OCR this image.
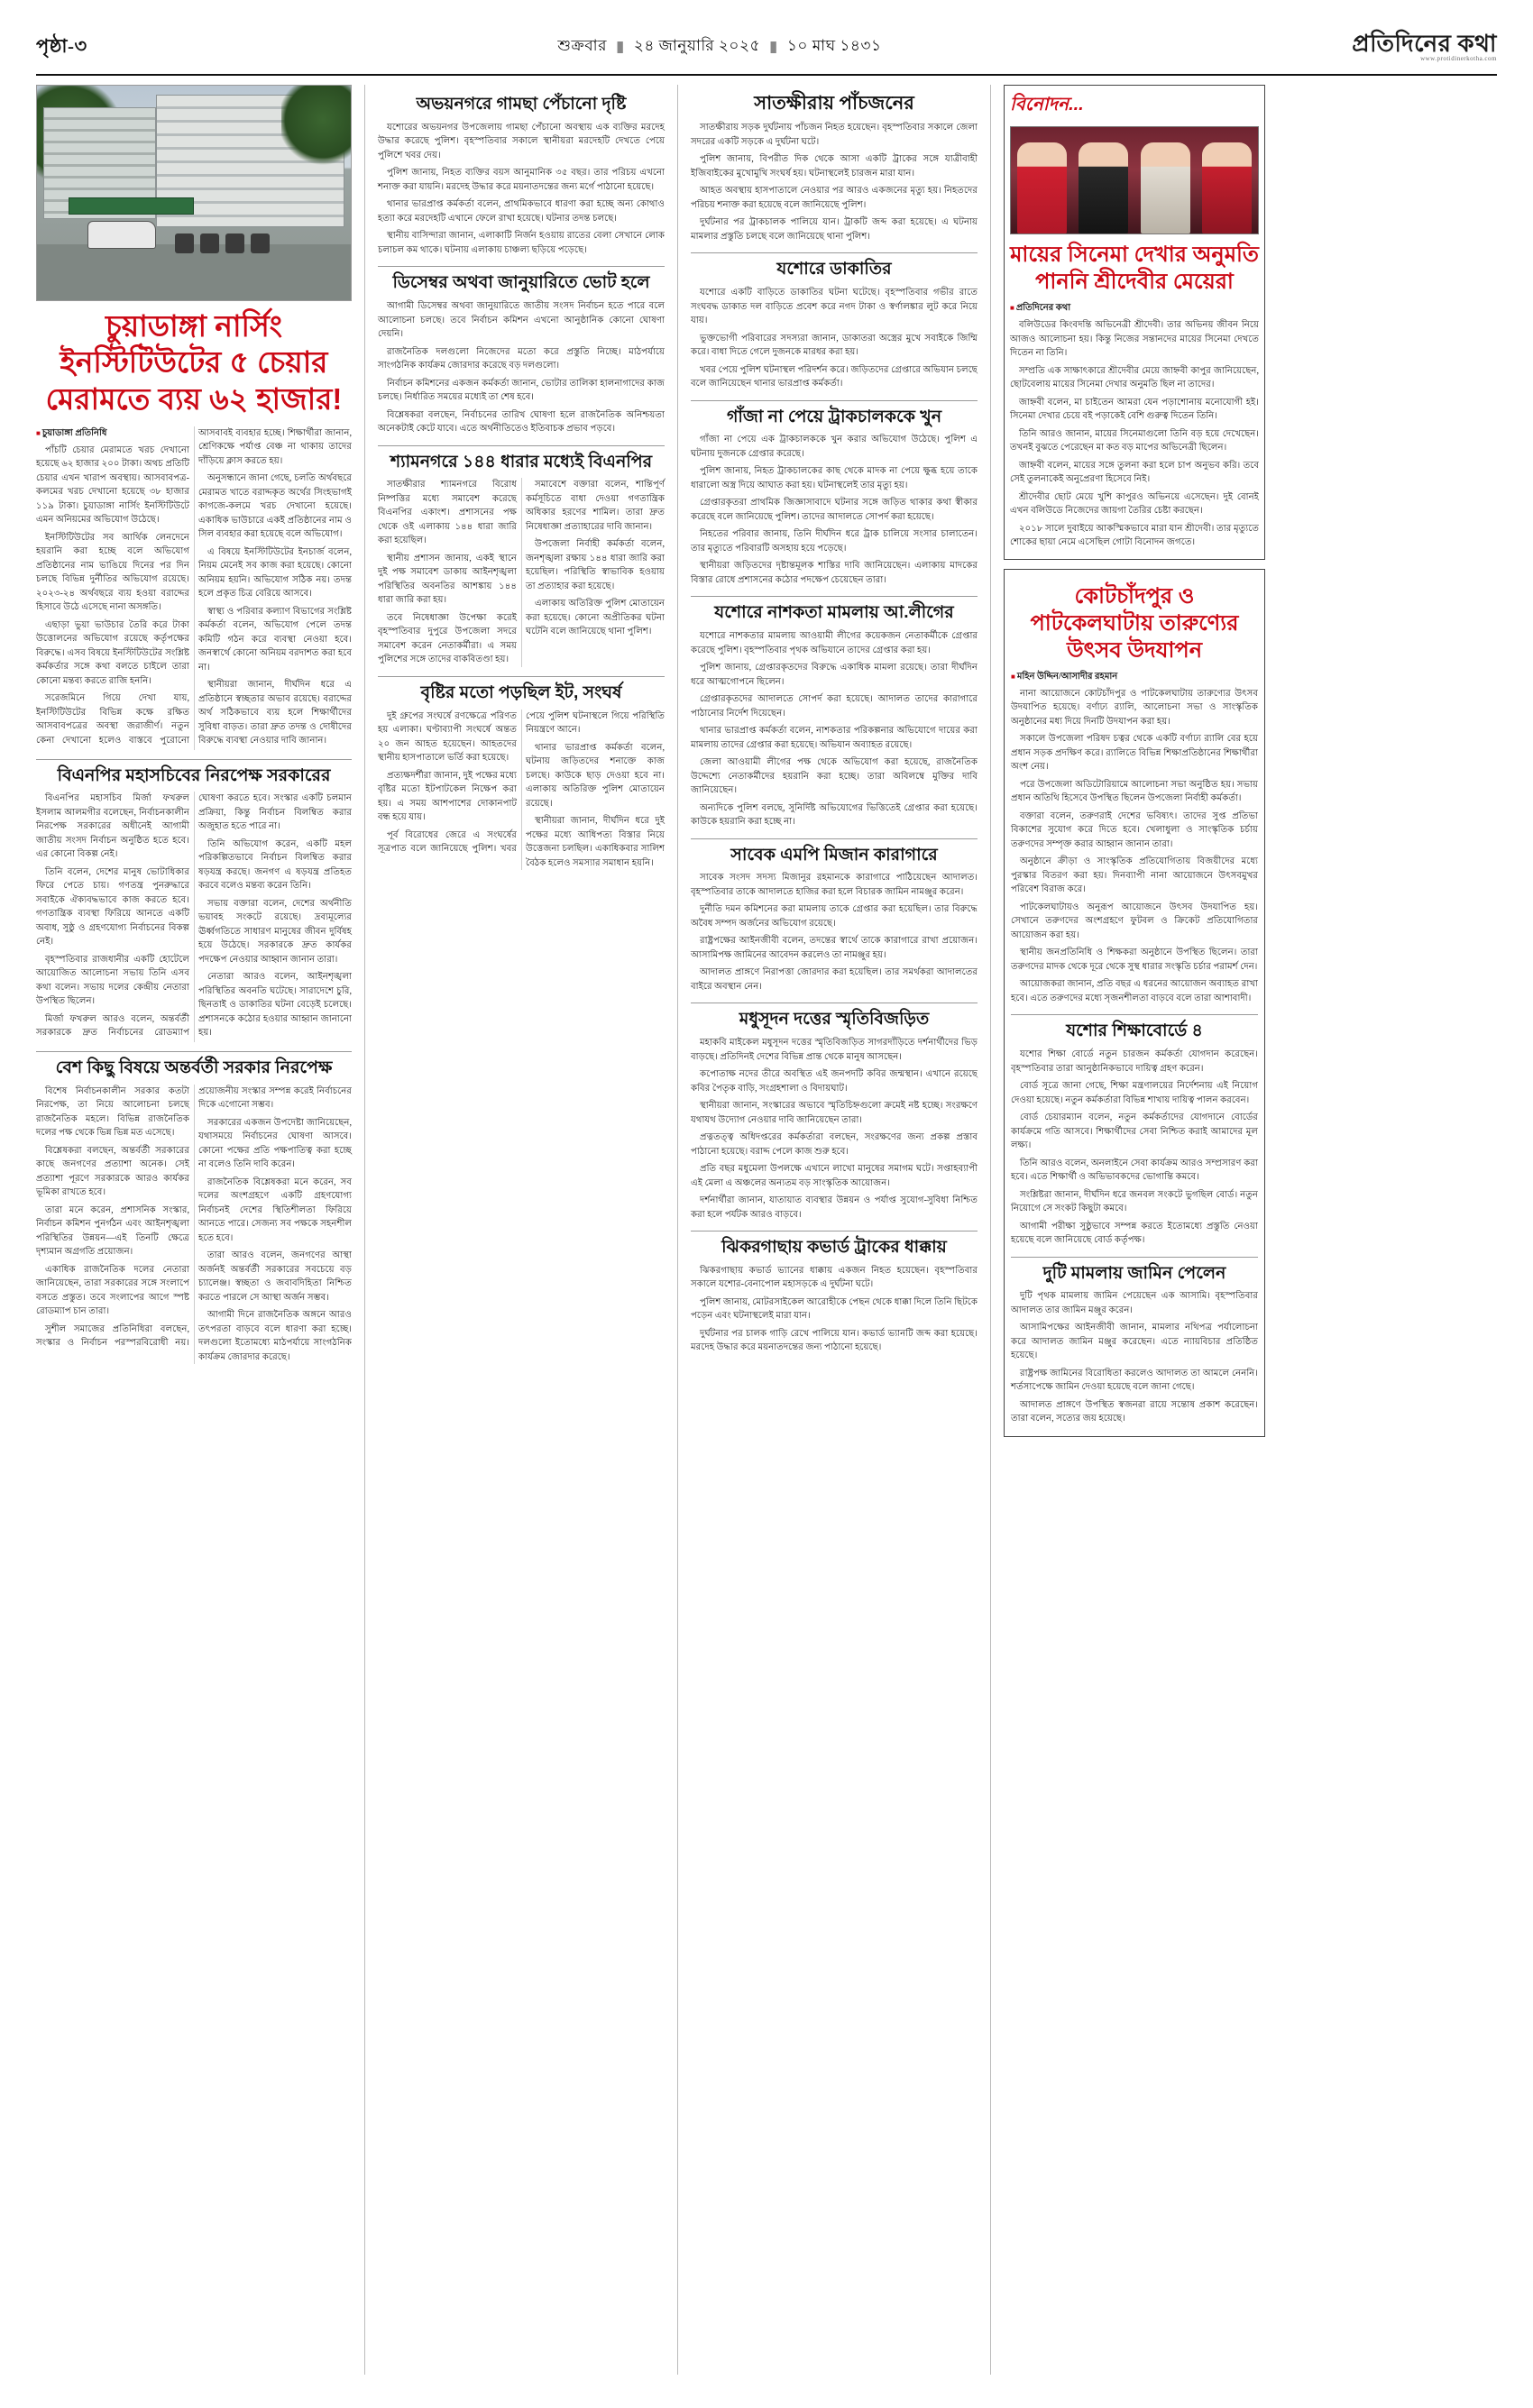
পৃষ্ঠা-৩	শুক্রবার ▮ ২৪ জানুয়ারি ২০২৫ ▮ ১০ মাঘ ১৪৩১	প্রতিদিনের কথা
www.protidinerkotha.com
চুয়াডাঙ্গা নার্সিং ইনস্টিটিউটের ৫ চেয়ার মেরামতে ব্যয় ৬২ হাজার!
■ চুয়াডাঙ্গা প্রতিনিধি

পাঁচটি চেয়ার মেরামতে খরচ দেখানো হয়েছে ৬২ হাজার ২০০ টাকা। অথচ প্রতিটি চেয়ার এখন খারাপ অবস্থায়। আসবাবপত্র-কলমের খরচ দেখানো হয়েছে ৩৮ হাজার ১১৯ টাকা। চুয়াডাঙ্গা নার্সিং ইনস্টিটিউটে এমন অনিয়মের অভিযোগ উঠেছে।

ইনস্টিটিউটের সব আর্থিক লেনদেনে হয়রানি করা হচ্ছে বলে অভিযোগ প্রতিষ্ঠানের নাম ভাঙিয়ে দিনের পর দিন চলছে বিভিন্ন দুর্নীতির অভিযোগ রয়েছে। ২০২৩-২৪ অর্থবছরে ব্যয় হওয়া বরাদ্দের হিসাবে উঠে এসেছে নানা অসঙ্গতি।

এছাড়া ভুয়া ভাউচার তৈরি করে টাকা উত্তোলনের অভিযোগ রয়েছে কর্তৃপক্ষের বিরুদ্ধে। এসব বিষয়ে ইনস্টিটিউটের সংশ্লিষ্ট কর্মকর্তার সঙ্গে কথা বলতে চাইলে তারা কোনো মন্তব্য করতে রাজি হননি।

সরেজমিনে গিয়ে দেখা যায়, ইনস্টিটিউটের বিভিন্ন কক্ষে রক্ষিত আসবাবপত্রের অবস্থা জরাজীর্ণ। নতুন কেনা দেখানো হলেও বাস্তবে পুরোনো আসবাবই ব্যবহার হচ্ছে। শিক্ষার্থীরা জানান, শ্রেণিকক্ষে পর্যাপ্ত বেঞ্চ না থাকায় তাদের দাঁড়িয়ে ক্লাস করতে হয়।

অনুসন্ধানে জানা গেছে, চলতি অর্থবছরে মেরামত খাতে বরাদ্দকৃত অর্থের সিংহভাগই কাগজে-কলমে খরচ দেখানো হয়েছে। একাধিক ভাউচারে একই প্রতিষ্ঠানের নাম ও সিল ব্যবহার করা হয়েছে বলে অভিযোগ।

এ বিষয়ে ইনস্টিটিউটের ইনচার্জ বলেন, নিয়ম মেনেই সব কাজ করা হয়েছে। কোনো অনিয়ম হয়নি। অভিযোগ সঠিক নয়। তদন্ত হলে প্রকৃত চিত্র বেরিয়ে আসবে।

স্বাস্থ্য ও পরিবার কল্যাণ বিভাগের সংশ্লিষ্ট কর্মকর্তা বলেন, অভিযোগ পেলে তদন্ত কমিটি গঠন করে ব্যবস্থা নেওয়া হবে। জনস্বার্থে কোনো অনিয়ম বরদাশত করা হবে না।

স্থানীয়রা জানান, দীর্ঘদিন ধরে এ প্রতিষ্ঠানে স্বচ্ছতার অভাব রয়েছে। বরাদ্দের অর্থ সঠিকভাবে ব্যয় হলে শিক্ষার্থীদের সুবিধা বাড়ত। তারা দ্রুত তদন্ত ও দোষীদের বিরুদ্ধে ব্যবস্থা নেওয়ার দাবি জানান।

বিএনপির মহাসচিবের নিরপেক্ষ সরকারের

বিএনপির মহাসচিব মির্জা ফখরুল ইসলাম আলমগীর বলেছেন, নির্বাচনকালীন নিরপেক্ষ সরকারের অধীনেই আগামী জাতীয় সংসদ নির্বাচন অনুষ্ঠিত হতে হবে। এর কোনো বিকল্প নেই।

তিনি বলেন, দেশের মানুষ ভোটাধিকার ফিরে পেতে চায়। গণতন্ত্র পুনরুদ্ধারে সবাইকে ঐক্যবদ্ধভাবে কাজ করতে হবে। গণতান্ত্রিক ব্যবস্থা ফিরিয়ে আনতে একটি অবাধ, সুষ্ঠু ও গ্রহণযোগ্য নির্বাচনের বিকল্প নেই।

বৃহস্পতিবার রাজধানীর একটি হোটেলে আয়োজিত আলোচনা সভায় তিনি এসব কথা বলেন। সভায় দলের কেন্দ্রীয় নেতারা উপস্থিত ছিলেন।

মির্জা ফখরুল আরও বলেন, অন্তর্বর্তী সরকারকে দ্রুত নির্বাচনের রোডম্যাপ ঘোষণা করতে হবে। সংস্কার একটি চলমান প্রক্রিয়া, কিন্তু নির্বাচন বিলম্বিত করার অজুহাত হতে পারে না।

তিনি অভিযোগ করেন, একটি মহল পরিকল্পিতভাবে নির্বাচন বিলম্বিত করার ষড়যন্ত্র করছে। জনগণ এ ষড়যন্ত্র প্রতিহত করবে বলেও মন্তব্য করেন তিনি।

সভায় বক্তারা বলেন, দেশের অর্থনীতি ভয়াবহ সংকটে রয়েছে। দ্রব্যমূল্যের ঊর্ধ্বগতিতে সাধারণ মানুষের জীবন দুর্বিষহ হয়ে উঠেছে। সরকারকে দ্রুত কার্যকর পদক্ষেপ নেওয়ার আহ্বান জানান তারা।

নেতারা আরও বলেন, আইনশৃঙ্খলা পরিস্থিতির অবনতি ঘটেছে। সারাদেশে চুরি, ছিনতাই ও ডাকাতির ঘটনা বেড়েই চলেছে। প্রশাসনকে কঠোর হওয়ার আহ্বান জানানো হয়।

বেশ কিছু বিষয়ে অন্তর্বর্তী সরকার নিরপেক্ষ

বিশেষ নির্বাচনকালীন সরকার কতটা নিরপেক্ষ, তা নিয়ে আলোচনা চলছে রাজনৈতিক মহলে। বিভিন্ন রাজনৈতিক দলের পক্ষ থেকে ভিন্ন ভিন্ন মত এসেছে।

বিশ্লেষকরা বলছেন, অন্তর্বর্তী সরকারের কাছে জনগণের প্রত্যাশা অনেক। সেই প্রত্যাশা পূরণে সরকারকে আরও কার্যকর ভূমিকা রাখতে হবে।

তারা মনে করেন, প্রশাসনিক সংস্কার, নির্বাচন কমিশন পুনর্গঠন এবং আইনশৃঙ্খলা পরিস্থিতির উন্নয়ন—এই তিনটি ক্ষেত্রে দৃশ্যমান অগ্রগতি প্রয়োজন।

একাধিক রাজনৈতিক দলের নেতারা জানিয়েছেন, তারা সরকারের সঙ্গে সংলাপে বসতে প্রস্তুত। তবে সংলাপের আগে স্পষ্ট রোডম্যাপ চান তারা।

সুশীল সমাজের প্রতিনিধিরা বলছেন, সংস্কার ও নির্বাচন পরস্পরবিরোধী নয়। প্রয়োজনীয় সংস্কার সম্পন্ন করেই নির্বাচনের দিকে এগোনো সম্ভব।

সরকারের একজন উপদেষ্টা জানিয়েছেন, যথাসময়ে নির্বাচনের ঘোষণা আসবে। কোনো পক্ষের প্রতি পক্ষপাতিত্ব করা হচ্ছে না বলেও তিনি দাবি করেন।

রাজনৈতিক বিশ্লেষকরা মনে করেন, সব দলের অংশগ্রহণে একটি গ্রহণযোগ্য নির্বাচনই দেশের স্থিতিশীলতা ফিরিয়ে আনতে পারে। সেজন্য সব পক্ষকে সহনশীল হতে হবে।

তারা আরও বলেন, জনগণের আস্থা অর্জনই অন্তর্বর্তী সরকারের সবচেয়ে বড় চ্যালেঞ্জ। স্বচ্ছতা ও জবাবদিহিতা নিশ্চিত করতে পারলে সে আস্থা অর্জন সম্ভব।

আগামী দিনে রাজনৈতিক অঙ্গনে আরও তৎপরতা বাড়বে বলে ধারণা করা হচ্ছে। দলগুলো ইতোমধ্যে মাঠপর্যায়ে সাংগঠনিক কার্যক্রম জোরদার করেছে।

অভয়নগরে গামছা পেঁচানো দৃষ্টি

যশোরের অভয়নগর উপজেলায় গামছা পেঁচানো অবস্থায় এক ব্যক্তির মরদেহ উদ্ধার করেছে পুলিশ। বৃহস্পতিবার সকালে স্থানীয়রা মরদেহটি দেখতে পেয়ে পুলিশে খবর দেয়।

পুলিশ জানায়, নিহত ব্যক্তির বয়স আনুমানিক ৩৫ বছর। তার পরিচয় এখনো শনাক্ত করা যায়নি। মরদেহ উদ্ধার করে ময়নাতদন্তের জন্য মর্গে পাঠানো হয়েছে।

থানার ভারপ্রাপ্ত কর্মকর্তা বলেন, প্রাথমিকভাবে ধারণা করা হচ্ছে অন্য কোথাও হত্যা করে মরদেহটি এখানে ফেলে রাখা হয়েছে। ঘটনার তদন্ত চলছে।

স্থানীয় বাসিন্দারা জানান, এলাকাটি নির্জন হওয়ায় রাতের বেলা সেখানে লোক চলাচল কম থাকে। ঘটনায় এলাকায় চাঞ্চল্য ছড়িয়ে পড়েছে।

ডিসেম্বর অথবা জানুয়ারিতে ভোট হলে

আগামী ডিসেম্বর অথবা জানুয়ারিতে জাতীয় সংসদ নির্বাচন হতে পারে বলে আলোচনা চলছে। তবে নির্বাচন কমিশন এখনো আনুষ্ঠানিক কোনো ঘোষণা দেয়নি।

রাজনৈতিক দলগুলো নিজেদের মতো করে প্রস্তুতি নিচ্ছে। মাঠপর্যায়ে সাংগঠনিক কার্যক্রম জোরদার করেছে বড় দলগুলো।

নির্বাচন কমিশনের একজন কর্মকর্তা জানান, ভোটার তালিকা হালনাগাদের কাজ চলছে। নির্ধারিত সময়ের মধ্যেই তা শেষ হবে।

বিশ্লেষকরা বলছেন, নির্বাচনের তারিখ ঘোষণা হলে রাজনৈতিক অনিশ্চয়তা অনেকটাই কেটে যাবে। এতে অর্থনীতিতেও ইতিবাচক প্রভাব পড়বে।

শ্যামনগরে ১৪৪ ধারার মধ্যেই বিএনপির

সাতক্ষীরার শ্যামনগরে বিরোধ নিষ্পত্তির মধ্যে সমাবেশ করেছে বিএনপির একাংশ। প্রশাসনের পক্ষ থেকে ওই এলাকায় ১৪৪ ধারা জারি করা হয়েছিল।

স্থানীয় প্রশাসন জানায়, একই স্থানে দুই পক্ষ সমাবেশ ডাকায় আইনশৃঙ্খলা পরিস্থিতির অবনতির আশঙ্কায় ১৪৪ ধারা জারি করা হয়।

তবে নিষেধাজ্ঞা উপেক্ষা করেই বৃহস্পতিবার দুপুরে উপজেলা সদরে সমাবেশ করেন নেতাকর্মীরা। এ সময় পুলিশের সঙ্গে তাদের বাকবিতণ্ডা হয়।

সমাবেশে বক্তারা বলেন, শান্তিপূর্ণ কর্মসূচিতে বাধা দেওয়া গণতান্ত্রিক অধিকার হরণের শামিল। তারা দ্রুত নিষেধাজ্ঞা প্রত্যাহারের দাবি জানান।

উপজেলা নির্বাহী কর্মকর্তা বলেন, জনশৃঙ্খলা রক্ষায় ১৪৪ ধারা জারি করা হয়েছিল। পরিস্থিতি স্বাভাবিক হওয়ায় তা প্রত্যাহার করা হয়েছে।

এলাকায় অতিরিক্ত পুলিশ মোতায়েন করা হয়েছে। কোনো অপ্রীতিকর ঘটনা ঘটেনি বলে জানিয়েছে থানা পুলিশ।

বৃষ্টির মতো পড়ছিল ইট, সংঘর্ষ

দুই গ্রুপের সংঘর্ষে রণক্ষেত্রে পরিণত হয় এলাকা। ঘণ্টাব্যাপী সংঘর্ষে অন্তত ২০ জন আহত হয়েছেন। আহতদের স্থানীয় হাসপাতালে ভর্তি করা হয়েছে।

প্রত্যক্ষদর্শীরা জানান, দুই পক্ষের মধ্যে বৃষ্টির মতো ইটপাটকেল নিক্ষেপ করা হয়। এ সময় আশপাশের দোকানপাট বন্ধ হয়ে যায়।

পূর্ব বিরোধের জেরে এ সংঘর্ষের সূত্রপাত বলে জানিয়েছে পুলিশ। খবর পেয়ে পুলিশ ঘটনাস্থলে গিয়ে পরিস্থিতি নিয়ন্ত্রণে আনে।

থানার ভারপ্রাপ্ত কর্মকর্তা বলেন, ঘটনায় জড়িতদের শনাক্তে কাজ চলছে। কাউকে ছাড় দেওয়া হবে না। এলাকায় অতিরিক্ত পুলিশ মোতায়েন রয়েছে।

স্থানীয়রা জানান, দীর্ঘদিন ধরে দুই পক্ষের মধ্যে আধিপত্য বিস্তার নিয়ে উত্তেজনা চলছিল। একাধিকবার সালিশ বৈঠক হলেও সমস্যার সমাধান হয়নি।

সাতক্ষীরায় পাঁচজনের

সাতক্ষীরায় সড়ক দুর্ঘটনায় পাঁচজন নিহত হয়েছেন। বৃহস্পতিবার সকালে জেলা সদরের একটি সড়কে এ দুর্ঘটনা ঘটে।

পুলিশ জানায়, বিপরীত দিক থেকে আসা একটি ট্রাকের সঙ্গে যাত্রীবাহী ইজিবাইকের মুখোমুখি সংঘর্ষ হয়। ঘটনাস্থলেই চারজন মারা যান।

আহত অবস্থায় হাসপাতালে নেওয়ার পর আরও একজনের মৃত্যু হয়। নিহতদের পরিচয় শনাক্ত করা হয়েছে বলে জানিয়েছে পুলিশ।

দুর্ঘটনার পর ট্রাকচালক পালিয়ে যান। ট্রাকটি জব্দ করা হয়েছে। এ ঘটনায় মামলার প্রস্তুতি চলছে বলে জানিয়েছে থানা পুলিশ।

যশোরে ডাকাতির

যশোরে একটি বাড়িতে ডাকাতির ঘটনা ঘটেছে। বৃহস্পতিবার গভীর রাতে সংঘবদ্ধ ডাকাত দল বাড়িতে প্রবেশ করে নগদ টাকা ও স্বর্ণালঙ্কার লুট করে নিয়ে যায়।

ভুক্তভোগী পরিবারের সদস্যরা জানান, ডাকাতরা অস্ত্রের মুখে সবাইকে জিম্মি করে। বাধা দিতে গেলে দুজনকে মারধর করা হয়।

খবর পেয়ে পুলিশ ঘটনাস্থল পরিদর্শন করে। জড়িতদের গ্রেপ্তারে অভিযান চলছে বলে জানিয়েছেন থানার ভারপ্রাপ্ত কর্মকর্তা।

গাঁজা না পেয়ে ট্রাকচালককে খুন

গাঁজা না পেয়ে এক ট্রাকচালককে খুন করার অভিযোগ উঠেছে। পুলিশ এ ঘটনায় দুজনকে গ্রেপ্তার করেছে।

পুলিশ জানায়, নিহত ট্রাকচালকের কাছ থেকে মাদক না পেয়ে ক্ষুব্ধ হয়ে তাকে ধারালো অস্ত্র দিয়ে আঘাত করা হয়। ঘটনাস্থলেই তার মৃত্যু হয়।

গ্রেপ্তারকৃতরা প্রাথমিক জিজ্ঞাসাবাদে ঘটনার সঙ্গে জড়িত থাকার কথা স্বীকার করেছে বলে জানিয়েছে পুলিশ। তাদের আদালতে সোপর্দ করা হয়েছে।

নিহতের পরিবার জানায়, তিনি দীর্ঘদিন ধরে ট্রাক চালিয়ে সংসার চালাতেন। তার মৃত্যুতে পরিবারটি অসহায় হয়ে পড়েছে।

স্থানীয়রা জড়িতদের দৃষ্টান্তমূলক শাস্তির দাবি জানিয়েছেন। এলাকায় মাদকের বিস্তার রোধে প্রশাসনের কঠোর পদক্ষেপ চেয়েছেন তারা।

যশোরে নাশকতা মামলায় আ.লীগের

যশোরে নাশকতার মামলায় আওয়ামী লীগের কয়েকজন নেতাকর্মীকে গ্রেপ্তার করেছে পুলিশ। বৃহস্পতিবার পৃথক অভিযানে তাদের গ্রেপ্তার করা হয়।

পুলিশ জানায়, গ্রেপ্তারকৃতদের বিরুদ্ধে একাধিক মামলা রয়েছে। তারা দীর্ঘদিন ধরে আত্মগোপনে ছিলেন।

গ্রেপ্তারকৃতদের আদালতে সোপর্দ করা হয়েছে। আদালত তাদের কারাগারে পাঠানোর নির্দেশ দিয়েছেন।

থানার ভারপ্রাপ্ত কর্মকর্তা বলেন, নাশকতার পরিকল্পনার অভিযোগে দায়ের করা মামলায় তাদের গ্রেপ্তার করা হয়েছে। অভিযান অব্যাহত রয়েছে।

জেলা আওয়ামী লীগের পক্ষ থেকে অভিযোগ করা হয়েছে, রাজনৈতিক উদ্দেশ্যে নেতাকর্মীদের হয়রানি করা হচ্ছে। তারা অবিলম্বে মুক্তির দাবি জানিয়েছেন।

অন্যদিকে পুলিশ বলছে, সুনির্দিষ্ট অভিযোগের ভিত্তিতেই গ্রেপ্তার করা হয়েছে। কাউকে হয়রানি করা হচ্ছে না।

সাবেক এমপি মিজান কারাগারে

সাবেক সংসদ সদস্য মিজানুর রহমানকে কারাগারে পাঠিয়েছেন আদালত। বৃহস্পতিবার তাকে আদালতে হাজির করা হলে বিচারক জামিন নামঞ্জুর করেন।

দুর্নীতি দমন কমিশনের করা মামলায় তাকে গ্রেপ্তার করা হয়েছিল। তার বিরুদ্ধে অবৈধ সম্পদ অর্জনের অভিযোগ রয়েছে।

রাষ্ট্রপক্ষের আইনজীবী বলেন, তদন্তের স্বার্থে তাকে কারাগারে রাখা প্রয়োজন। আসামিপক্ষ জামিনের আবেদন করলেও তা নামঞ্জুর হয়।

আদালত প্রাঙ্গণে নিরাপত্তা জোরদার করা হয়েছিল। তার সমর্থকরা আদালতের বাইরে অবস্থান নেন।

মধুসূদন দত্তের স্মৃতিবিজড়িত

মহাকবি মাইকেল মধুসূদন দত্তের স্মৃতিবিজড়িত সাগরদাঁড়িতে দর্শনার্থীদের ভিড় বাড়ছে। প্রতিদিনই দেশের বিভিন্ন প্রান্ত থেকে মানুষ আসছেন।

কপোতাক্ষ নদের তীরে অবস্থিত এই জনপদটি কবির জন্মস্থান। এখানে রয়েছে কবির পৈতৃক বাড়ি, সংগ্রহশালা ও বিদায়ঘাট।

স্থানীয়রা জানান, সংস্কারের অভাবে স্মৃতিচিহ্নগুলো ক্রমেই নষ্ট হচ্ছে। সংরক্ষণে যথাযথ উদ্যোগ নেওয়ার দাবি জানিয়েছেন তারা।

প্রত্নতত্ত্ব অধিদপ্তরের কর্মকর্তারা বলছেন, সংরক্ষণের জন্য প্রকল্প প্রস্তাব পাঠানো হয়েছে। বরাদ্দ পেলে কাজ শুরু হবে।

প্রতি বছর মধুমেলা উপলক্ষে এখানে লাখো মানুষের সমাগম ঘটে। সপ্তাহব্যাপী এই মেলা এ অঞ্চলের অন্যতম বড় সাংস্কৃতিক আয়োজন।

দর্শনার্থীরা জানান, যাতায়াত ব্যবস্থার উন্নয়ন ও পর্যাপ্ত সুযোগ-সুবিধা নিশ্চিত করা হলে পর্যটক আরও বাড়বে।

ঝিকরগাছায় কভার্ড ট্রাকের ধাক্কায়

ঝিকরগাছায় কভার্ড ভ্যানের ধাক্কায় একজন নিহত হয়েছেন। বৃহস্পতিবার সকালে যশোর-বেনাপোল মহাসড়কে এ দুর্ঘটনা ঘটে।

পুলিশ জানায়, মোটরসাইকেল আরোহীকে পেছন থেকে ধাক্কা দিলে তিনি ছিটকে পড়েন এবং ঘটনাস্থলেই মারা যান।

দুর্ঘটনার পর চালক গাড়ি রেখে পালিয়ে যান। কভার্ড ভ্যানটি জব্দ করা হয়েছে। মরদেহ উদ্ধার করে ময়নাতদন্তের জন্য পাঠানো হয়েছে।

বিনোদন...
মায়ের সিনেমা দেখার অনুমতি পাননি শ্রীদেবীর মেয়েরা
■ প্রতিদিনের কথা

বলিউডের কিংবদন্তি অভিনেত্রী শ্রীদেবী। তার অভিনয় জীবন নিয়ে আজও আলোচনা হয়। কিন্তু নিজের সন্তানদের মায়ের সিনেমা দেখতে দিতেন না তিনি।

সম্প্রতি এক সাক্ষাৎকারে শ্রীদেবীর মেয়ে জাহ্নবী কাপুর জানিয়েছেন, ছোটবেলায় মায়ের সিনেমা দেখার অনুমতি ছিল না তাদের।

জাহ্নবী বলেন, মা চাইতেন আমরা যেন পড়াশোনায় মনোযোগী হই। সিনেমা দেখার চেয়ে বই পড়াকেই বেশি গুরুত্ব দিতেন তিনি।

তিনি আরও জানান, মায়ের সিনেমাগুলো তিনি বড় হয়ে দেখেছেন। তখনই বুঝতে পেরেছেন মা কত বড় মাপের অভিনেত্রী ছিলেন।

জাহ্নবী বলেন, মায়ের সঙ্গে তুলনা করা হলে চাপ অনুভব করি। তবে সেই তুলনাকেই অনুপ্রেরণা হিসেবে নিই।

শ্রীদেবীর ছোট মেয়ে খুশি কাপুরও অভিনয়ে এসেছেন। দুই বোনই এখন বলিউডে নিজেদের জায়গা তৈরির চেষ্টা করছেন।

২০১৮ সালে দুবাইয়ে আকস্মিকভাবে মারা যান শ্রীদেবী। তার মৃত্যুতে শোকের ছায়া নেমে এসেছিল গোটা বিনোদন জগতে।

কোটচাঁদপুর ও পাটকেলঘাটায় তারুণ্যের উৎসব উদযাপন
■ মহিন উদ্দিন/আসাদীর রহমান

নানা আয়োজনে কোটচাঁদপুর ও পাটকেলঘাটায় তারুণ্যের উৎসব উদযাপিত হয়েছে। বর্ণাঢ্য র‍্যালি, আলোচনা সভা ও সাংস্কৃতিক অনুষ্ঠানের মধ্য দিয়ে দিনটি উদযাপন করা হয়।

সকালে উপজেলা পরিষদ চত্বর থেকে একটি বর্ণাঢ্য র‍্যালি বের হয়ে প্রধান সড়ক প্রদক্ষিণ করে। র‍্যালিতে বিভিন্ন শিক্ষাপ্রতিষ্ঠানের শিক্ষার্থীরা অংশ নেয়।

পরে উপজেলা অডিটোরিয়ামে আলোচনা সভা অনুষ্ঠিত হয়। সভায় প্রধান অতিথি হিসেবে উপস্থিত ছিলেন উপজেলা নির্বাহী কর্মকর্তা।

বক্তারা বলেন, তরুণরাই দেশের ভবিষ্যৎ। তাদের সুপ্ত প্রতিভা বিকাশের সুযোগ করে দিতে হবে। খেলাধুলা ও সাংস্কৃতিক চর্চায় তরুণদের সম্পৃক্ত করার আহ্বান জানান তারা।

অনুষ্ঠানে ক্রীড়া ও সাংস্কৃতিক প্রতিযোগিতায় বিজয়ীদের মধ্যে পুরস্কার বিতরণ করা হয়। দিনব্যাপী নানা আয়োজনে উৎসবমুখর পরিবেশ বিরাজ করে।

পাটকেলঘাটায়ও অনুরূপ আয়োজনে উৎসব উদযাপিত হয়। সেখানে তরুণদের অংশগ্রহণে ফুটবল ও ক্রিকেট প্রতিযোগিতার আয়োজন করা হয়।

স্থানীয় জনপ্রতিনিধি ও শিক্ষকরা অনুষ্ঠানে উপস্থিত ছিলেন। তারা তরুণদের মাদক থেকে দূরে থেকে সুস্থ ধারার সংস্কৃতি চর্চার পরামর্শ দেন।

আয়োজকরা জানান, প্রতি বছর এ ধরনের আয়োজন অব্যাহত রাখা হবে। এতে তরুণদের মধ্যে সৃজনশীলতা বাড়বে বলে তারা আশাবাদী।

যশোর শিক্ষাবোর্ডে ৪

যশোর শিক্ষা বোর্ডে নতুন চারজন কর্মকর্তা যোগদান করেছেন। বৃহস্পতিবার তারা আনুষ্ঠানিকভাবে দায়িত্ব গ্রহণ করেন।

বোর্ড সূত্রে জানা গেছে, শিক্ষা মন্ত্রণালয়ের নির্দেশনায় এই নিয়োগ দেওয়া হয়েছে। নতুন কর্মকর্তারা বিভিন্ন শাখায় দায়িত্ব পালন করবেন।

বোর্ড চেয়ারম্যান বলেন, নতুন কর্মকর্তাদের যোগদানে বোর্ডের কার্যক্রমে গতি আসবে। শিক্ষার্থীদের সেবা নিশ্চিত করাই আমাদের মূল লক্ষ্য।

তিনি আরও বলেন, অনলাইনে সেবা কার্যক্রম আরও সম্প্রসারণ করা হবে। এতে শিক্ষার্থী ও অভিভাবকদের ভোগান্তি কমবে।

সংশ্লিষ্টরা জানান, দীর্ঘদিন ধরে জনবল সংকটে ভুগছিল বোর্ড। নতুন নিয়োগে সে সংকট কিছুটা কমবে।

আগামী পরীক্ষা সুষ্ঠুভাবে সম্পন্ন করতে ইতোমধ্যে প্রস্তুতি নেওয়া হয়েছে বলে জানিয়েছে বোর্ড কর্তৃপক্ষ।

দুটি মামলায় জামিন পেলেন

দুটি পৃথক মামলায় জামিন পেয়েছেন এক আসামি। বৃহস্পতিবার আদালত তার জামিন মঞ্জুর করেন।

আসামিপক্ষের আইনজীবী জানান, মামলার নথিপত্র পর্যালোচনা করে আদালত জামিন মঞ্জুর করেছেন। এতে ন্যায়বিচার প্রতিষ্ঠিত হয়েছে।

রাষ্ট্রপক্ষ জামিনের বিরোধিতা করলেও আদালত তা আমলে নেননি। শর্তসাপেক্ষে জামিন দেওয়া হয়েছে বলে জানা গেছে।

আদালত প্রাঙ্গণে উপস্থিত স্বজনরা রায়ে সন্তোষ প্রকাশ করেছেন। তারা বলেন, সত্যের জয় হয়েছে।
